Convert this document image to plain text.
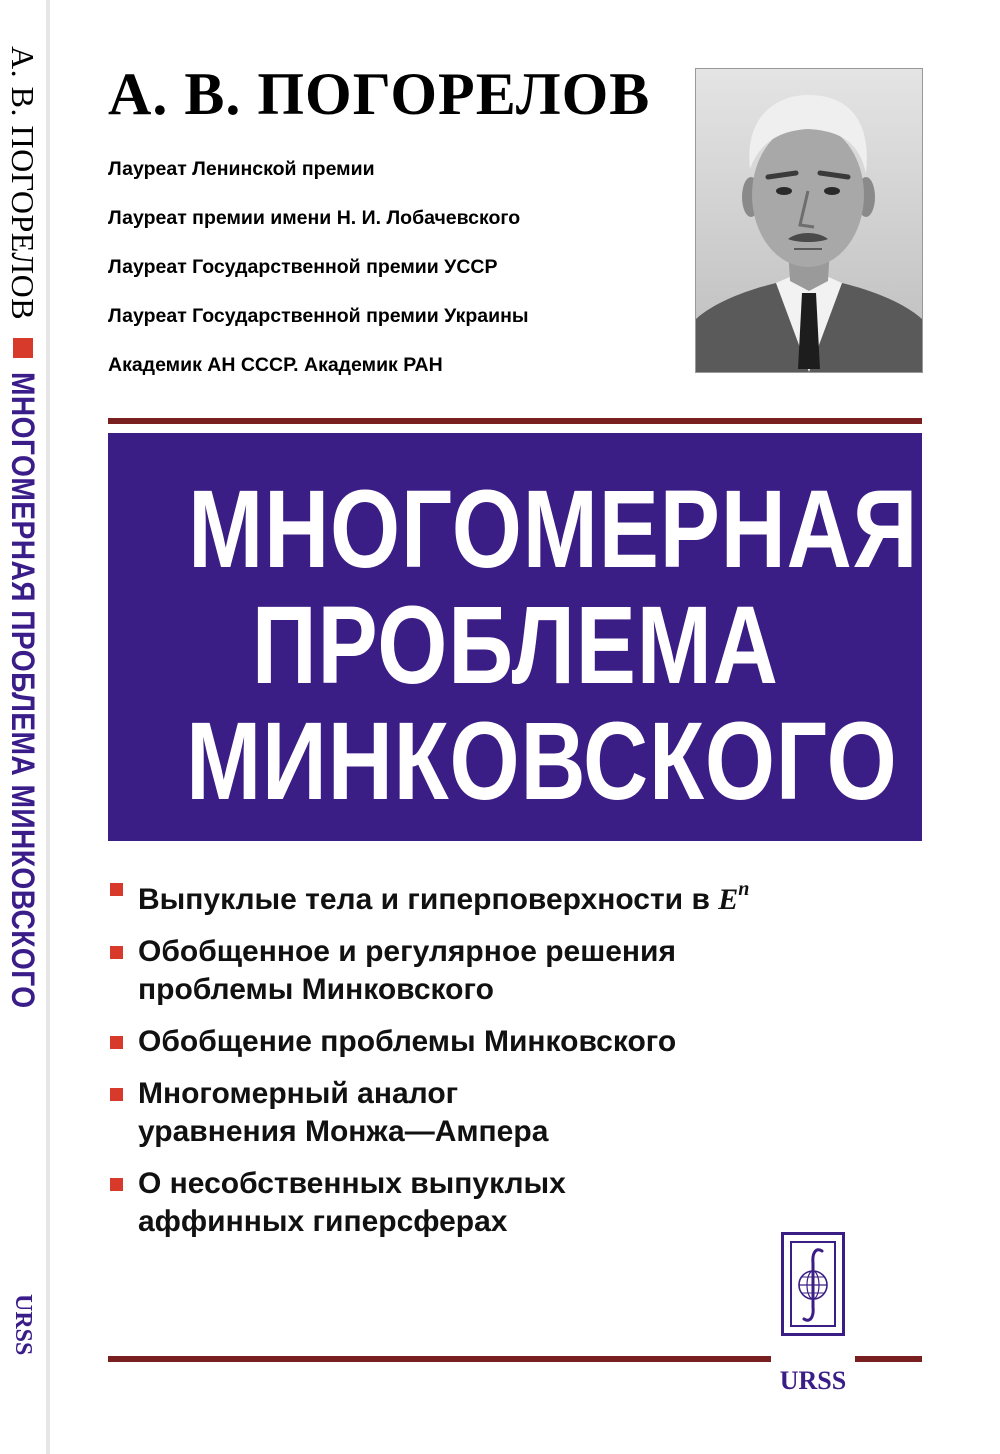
А. В. ПОГОРЕЛОВ
МНОГОМЕРНАЯ ПРОБЛЕМА МИНКОВСКОГО
URSS
А. В. ПОГОРЕЛОВ
Лауреат Ленинской премии
Лауреат премии имени Н. И. Лобачевского
Лауреат Государственной премии УССР
Лауреат Государственной премии Украины
Академик АН СССР. Академик РАН
МНОГОМЕРНАЯ
ПРОБЛЕМА
МИНКОВСКОГО
Выпуклые тела и гиперповерхности в $E^n$
Обобщенное и регулярное решения
проблемы Минковского
Обобщение проблемы Минковского
Многомерный аналог
уравнения Монжа—Ампера
О несобственных выпуклых
аффинных гиперсферах
URSS
